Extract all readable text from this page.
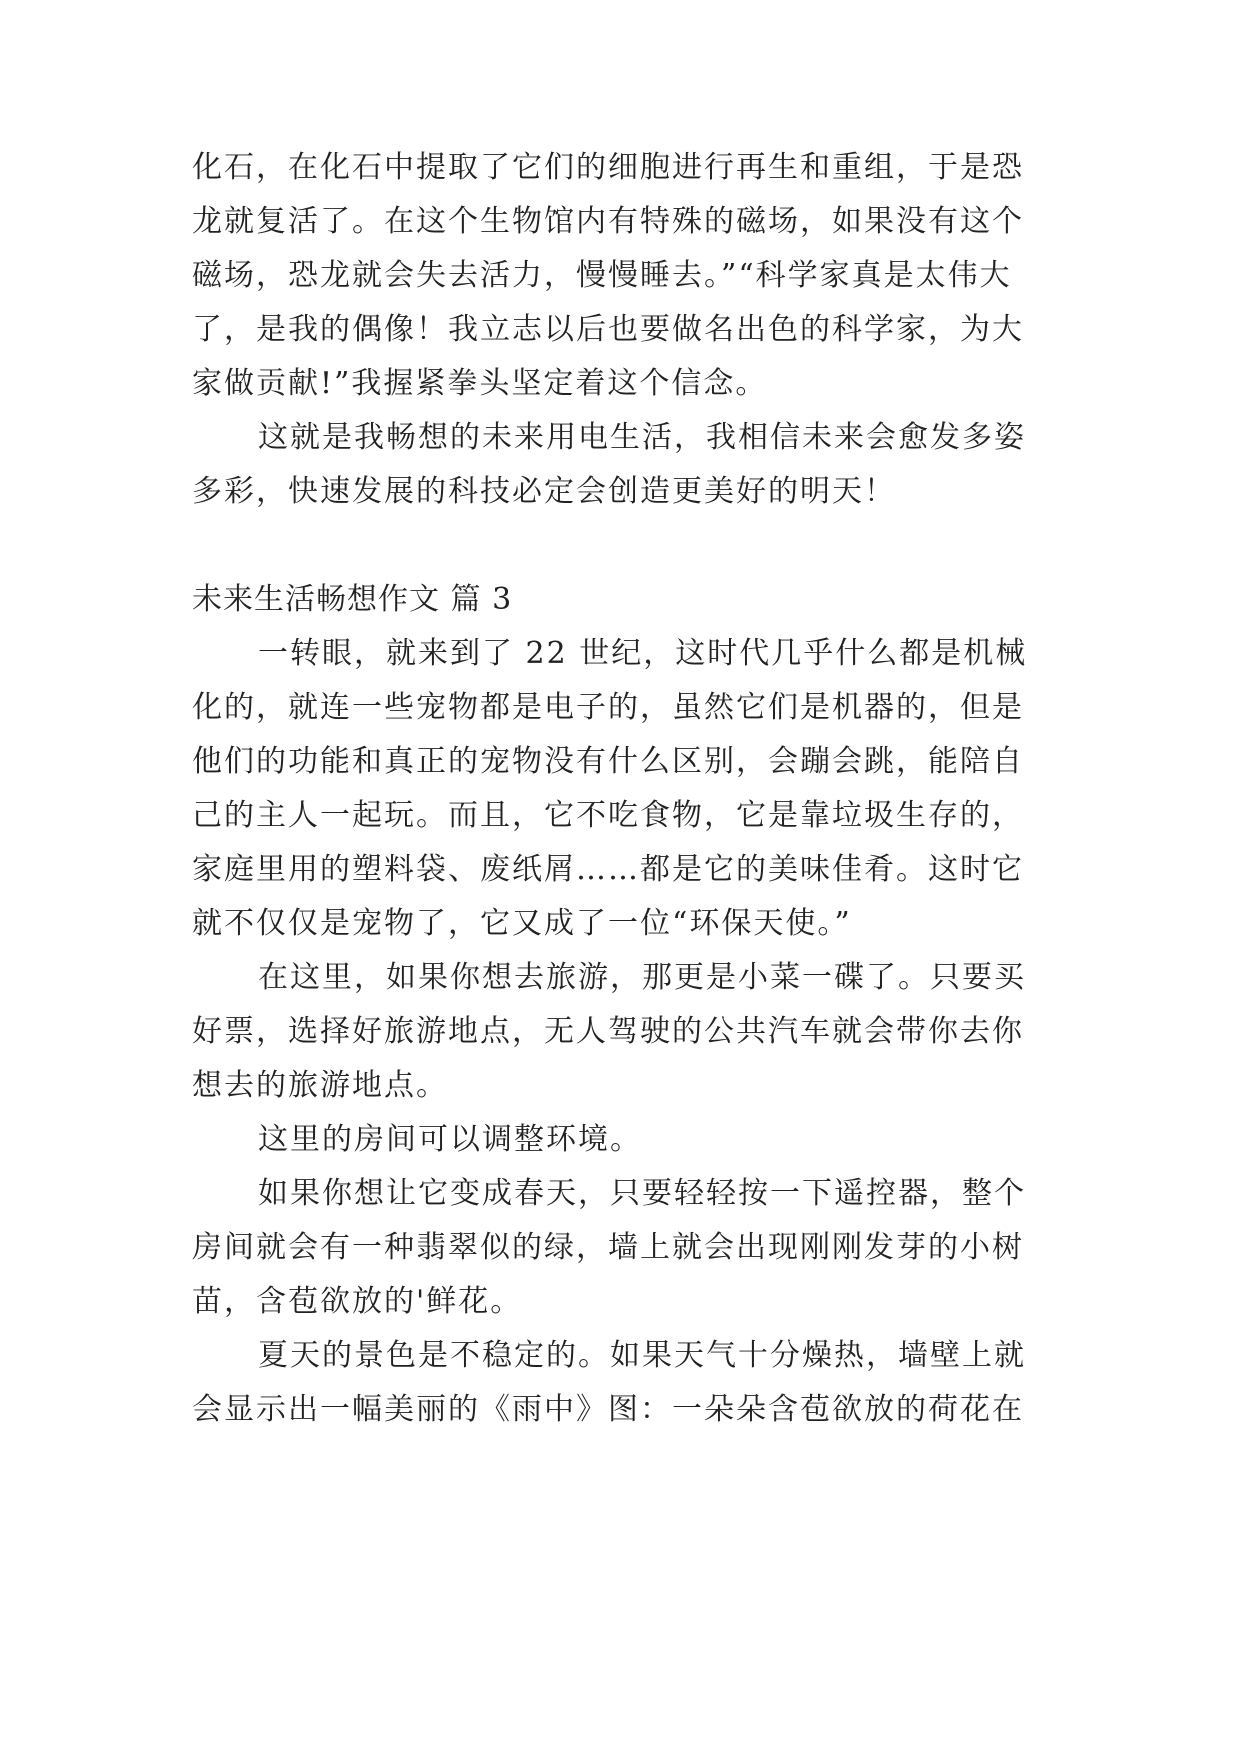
化石，在化石中提取了它们的细胞进行再生和重组，于是恐
龙就复活了。在这个生物馆内有特殊的磁场，如果没有这个
磁场，恐龙就会失去活力，慢慢睡去。”“科学家真是太伟大
了，是我的偶像！我立志以后也要做名出色的科学家，为大
家做贡献!”我握紧拳头坚定着这个信念。
这就是我畅想的未来用电生活，我相信未来会愈发多姿
多彩，快速发展的科技必定会创造更美好的明天！
未来生活畅想作文 篇 3
一转眼，就来到了 22 世纪，这时代几乎什么都是机械
化的，就连一些宠物都是电子的，虽然它们是机器的，但是
他们的功能和真正的宠物没有什么区别，会蹦会跳，能陪自
己的主人一起玩。而且，它不吃食物，它是靠垃圾生存的，
家庭里用的塑料袋、废纸屑……都是它的美味佳肴。这时它
就不仅仅是宠物了，它又成了一位“环保天使。”
在这里，如果你想去旅游，那更是小菜一碟了。只要买
好票，选择好旅游地点，无人驾驶的公共汽车就会带你去你
想去的旅游地点。
这里的房间可以调整环境。
如果你想让它变成春天，只要轻轻按一下遥控器，整个
房间就会有一种翡翠似的绿，墙上就会出现刚刚发芽的小树
苗，含苞欲放的'鲜花。
夏天的景色是不稳定的。如果天气十分燥热，墙壁上就
会显示出一幅美丽的《雨中》图：一朵朵含苞欲放的荷花在
